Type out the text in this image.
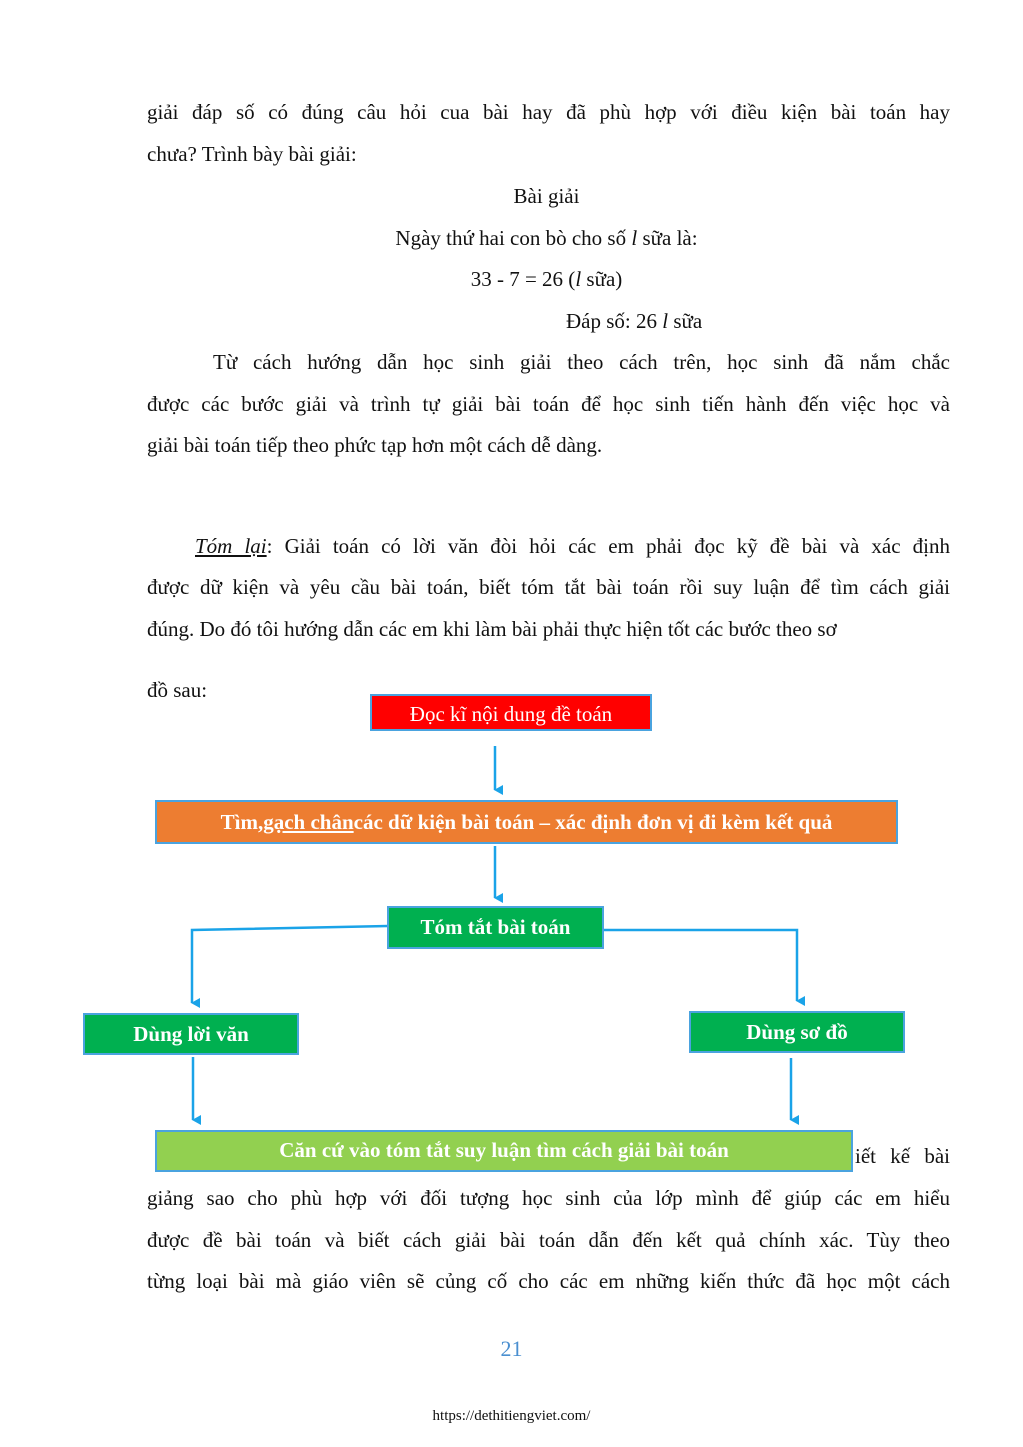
giải đáp số có đúng câu hỏi cua bài hay đã phù hợp với điều kiện bài toán hay
chưa? Trình bày bài giải:
Bài giải
Ngày thứ hai con bò cho số l sữa là:
33 - 7 = 26 (l sữa)
Đáp số: 26 l sữa
Từ cách hướng dẫn học sinh giải theo cách trên, học sinh đã nắm chắc
được các bước giải và trình tự giải bài toán để học sinh tiến hành đến việc học và
giải bài toán tiếp theo phức tạp hơn một cách dễ dàng.
Tóm lại: Giải toán có lời văn đòi hỏi các em phải đọc kỹ đề bài và xác định
được dữ kiện và yêu cầu bài toán, biết tóm tắt bài toán rồi suy luận để tìm cách giải
đúng. Do đó tôi hướng dẫn các em khi làm bài phải thực hiện tốt các bước theo sơ
đồ sau:
Đọc kĩ nội dung đề toán
Tìm, gạch chân các dữ kiện bài toán – xác định đơn vị đi kèm kết quả
Tóm tắt bài toán
Dùng lời văn	Dùng sơ đồ
Căn cứ vào tóm tắt suy luận tìm cách giải bài toán	iết kế bài
giảng sao cho phù hợp với đối tượng học sinh của lớp mình để giúp các em hiểu
được đề bài toán và biết cách giải bài toán dẫn đến kết quả chính xác. Tùy theo
từng loại bài mà giáo viên sẽ củng cố cho các em những kiến thức đã học một cách
21
https://dethitiengviet.com/
